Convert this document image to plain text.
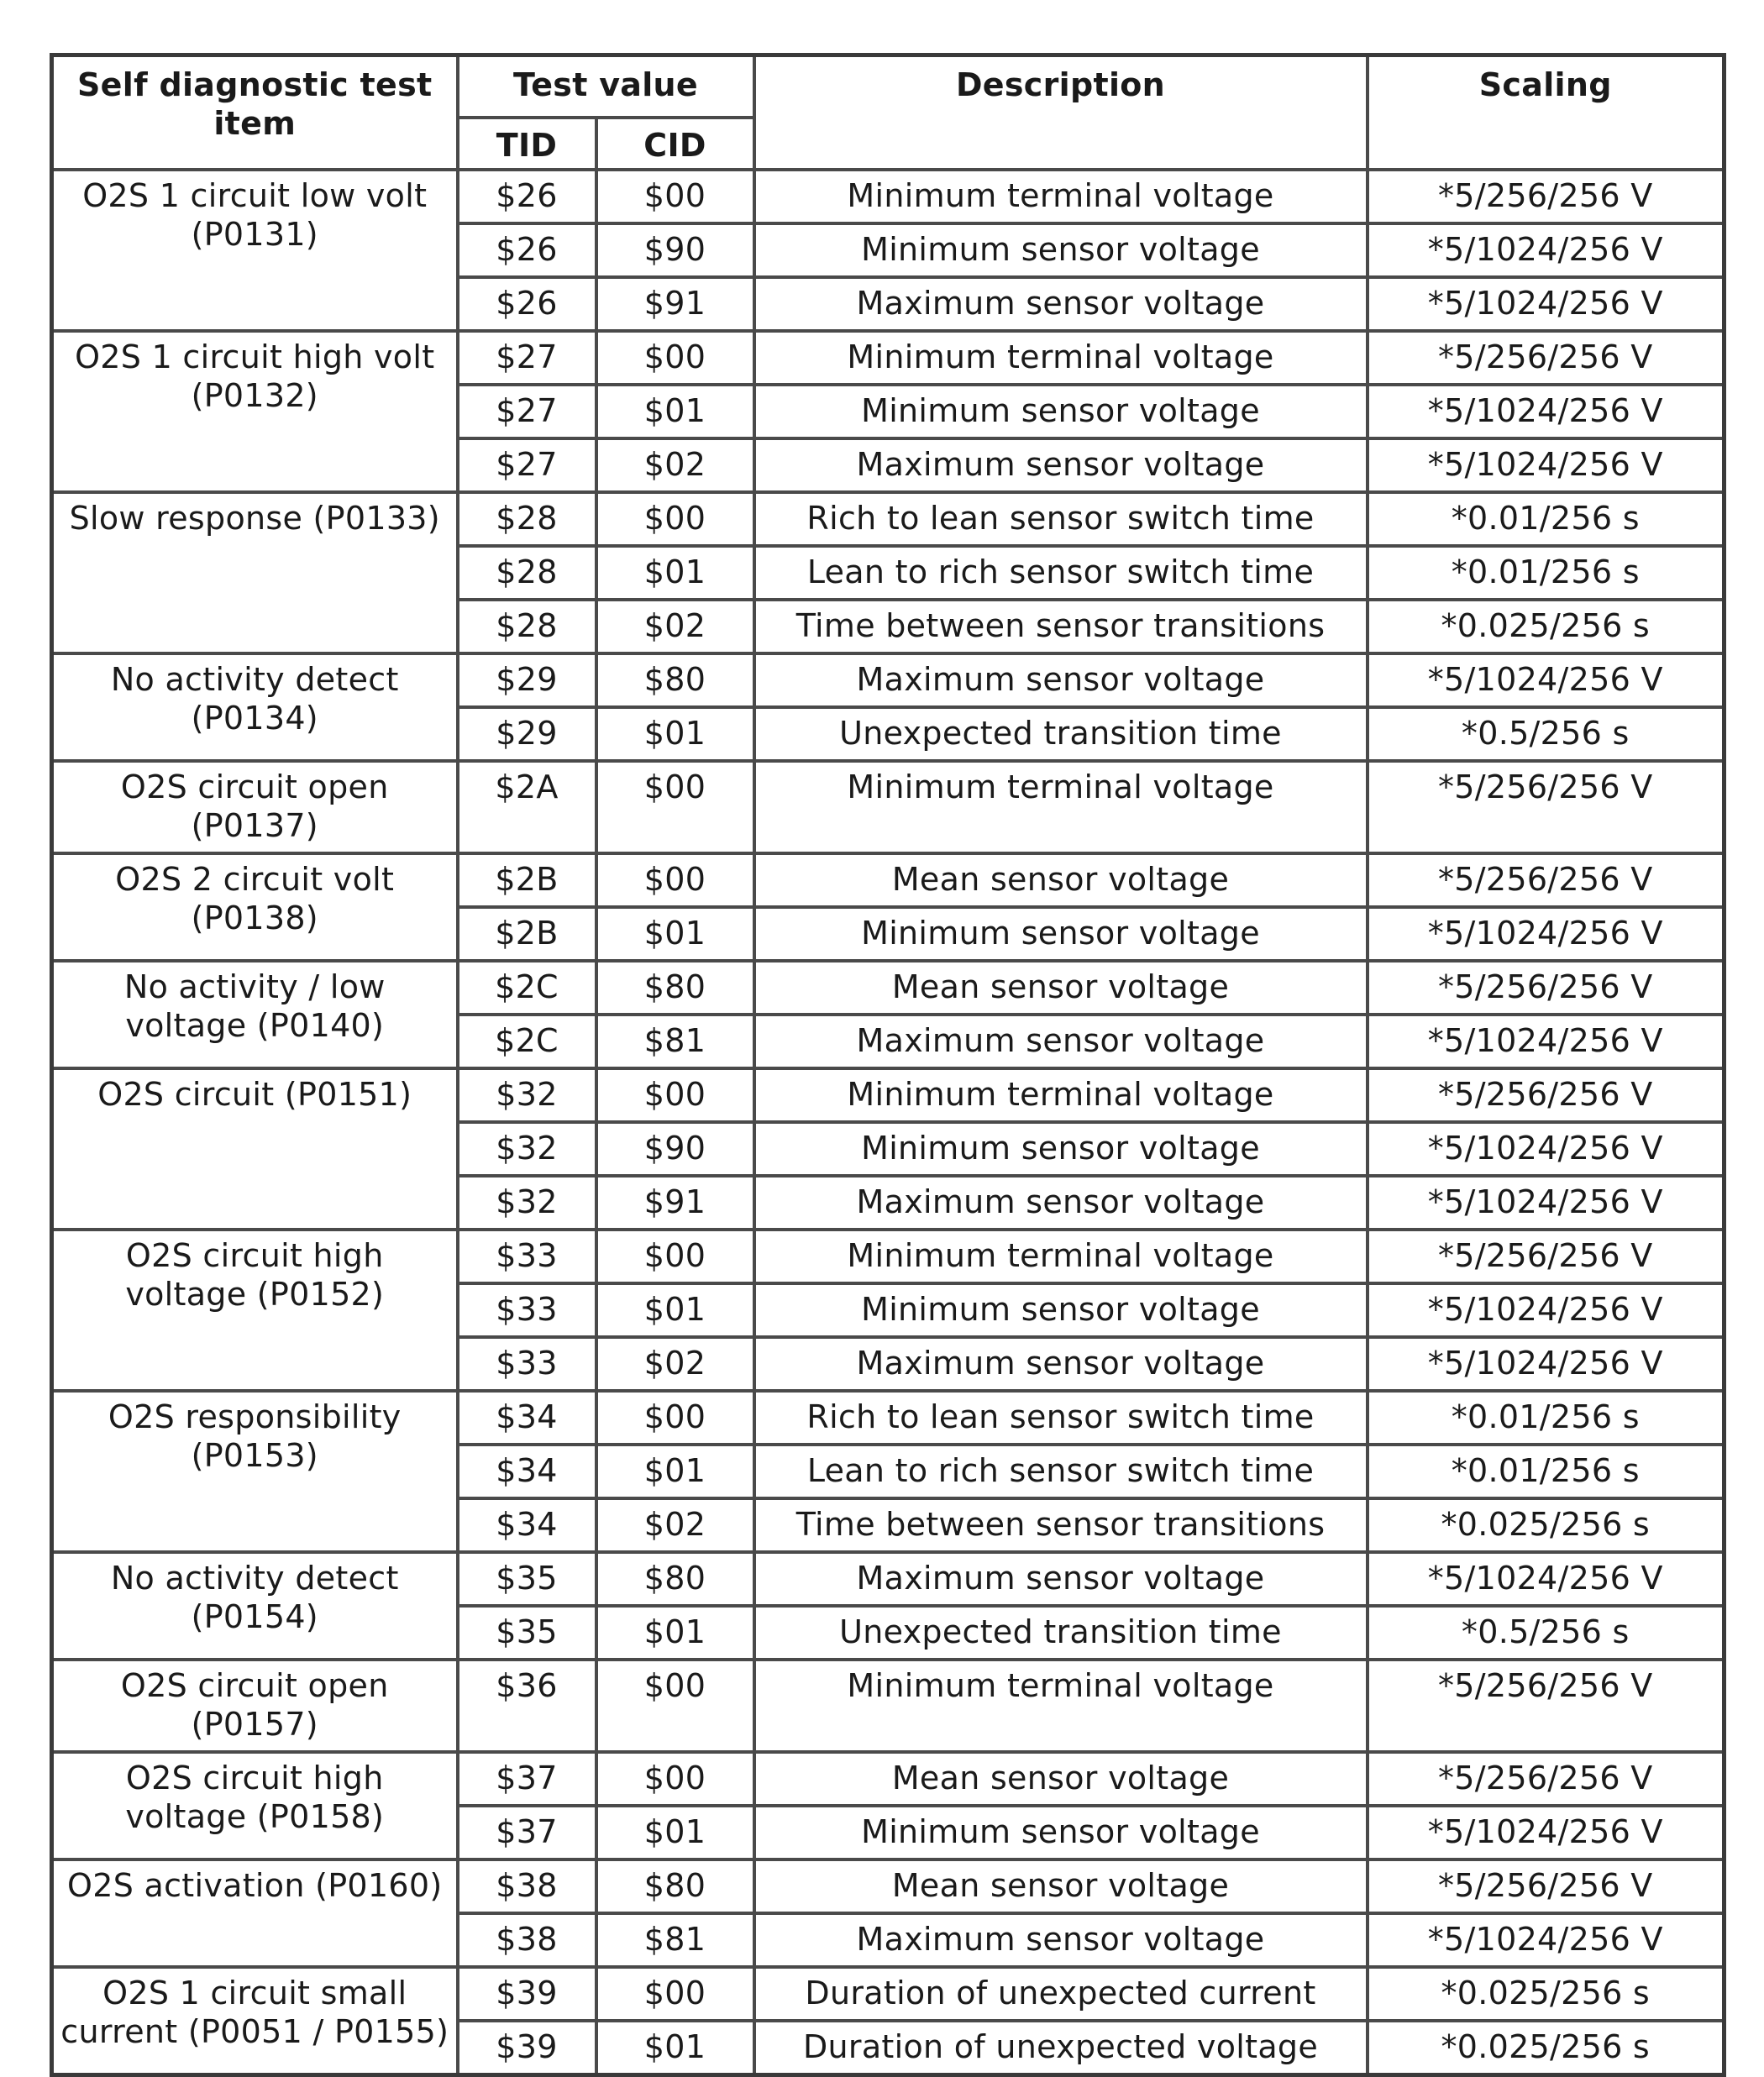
Self diagnostic test item	Test value		Description	Scaling
	TID	CID		
O2S 1 circuit low volt (P0131)	$26	$00	Minimum terminal voltage	*5/256/256 V
	$26	$90	Minimum sensor voltage	*5/1024/256 V
	$26	$91	Maximum sensor voltage	*5/1024/256 V
O2S 1 circuit high volt (P0132)	$27	$00	Minimum terminal voltage	*5/256/256 V
	$27	$01	Minimum sensor voltage	*5/1024/256 V
	$27	$02	Maximum sensor voltage	*5/1024/256 V
Slow response (P0133)	$28	$00	Rich to lean sensor switch time	*0.01/256 s
	$28	$01	Lean to rich sensor switch time	*0.01/256 s
	$28	$02	Time between sensor transitions	*0.025/256 s
No activity detect (P0134)	$29	$80	Maximum sensor voltage	*5/1024/256 V
	$29	$01	Unexpected transition time	*0.5/256 s
O2S circuit open (P0137)	$2A	$00	Minimum terminal voltage	*5/256/256 V
O2S 2 circuit volt (P0138)	$2B	$00	Mean sensor voltage	*5/256/256 V
	$2B	$01	Minimum sensor voltage	*5/1024/256 V
No activity / low voltage (P0140)	$2C	$80	Mean sensor voltage	*5/256/256 V
	$2C	$81	Maximum sensor voltage	*5/1024/256 V
O2S circuit (P0151)	$32	$00	Minimum terminal voltage	*5/256/256 V
	$32	$90	Minimum sensor voltage	*5/1024/256 V
	$32	$91	Maximum sensor voltage	*5/1024/256 V
O2S circuit high voltage (P0152)	$33	$00	Minimum terminal voltage	*5/256/256 V
	$33	$01	Minimum sensor voltage	*5/1024/256 V
	$33	$02	Maximum sensor voltage	*5/1024/256 V
O2S responsibility (P0153)	$34	$00	Rich to lean sensor switch time	*0.01/256 s
	$34	$01	Lean to rich sensor switch time	*0.01/256 s
	$34	$02	Time between sensor transitions	*0.025/256 s
No activity detect (P0154)	$35	$80	Maximum sensor voltage	*5/1024/256 V
	$35	$01	Unexpected transition time	*0.5/256 s
O2S circuit open (P0157)	$36	$00	Minimum terminal voltage	*5/256/256 V
O2S circuit high voltage (P0158)	$37	$00	Mean sensor voltage	*5/256/256 V
	$37	$01	Minimum sensor voltage	*5/1024/256 V
O2S activation (P0160)	$38	$80	Mean sensor voltage	*5/256/256 V
	$38	$81	Maximum sensor voltage	*5/1024/256 V
O2S 1 circuit small current (P0051 / P0155)	$39	$00	Duration of unexpected current	*0.025/256 s
	$39	$01	Duration of unexpected voltage	*0.025/256 s
